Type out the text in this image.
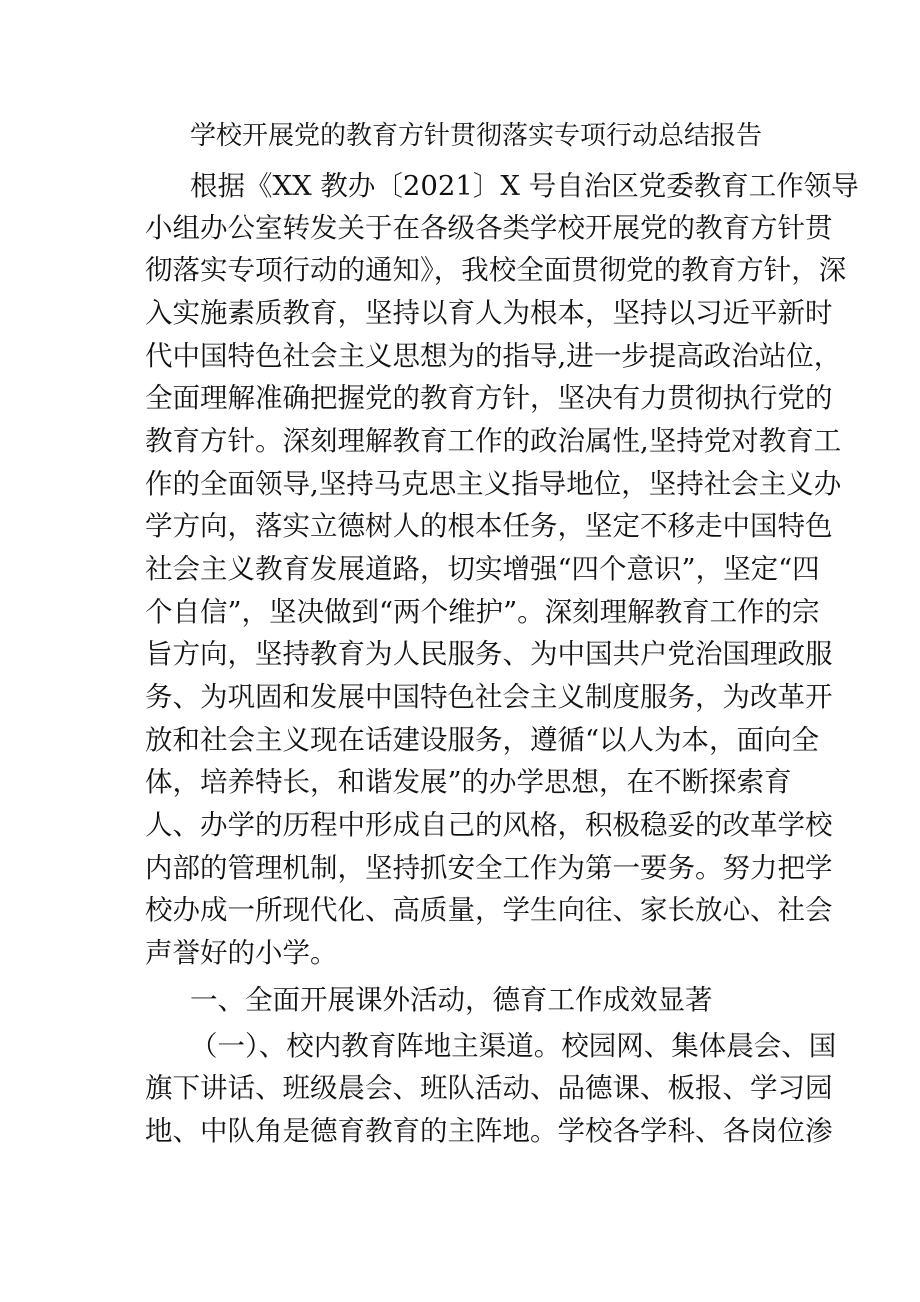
学校开展党的教育方针贯彻落实专项行动总结报告
根据《XX 教办〔2021〕X 号自治区党委教育工作领导
小组办公室转发关于在各级各类学校开展党的教育方针贯
彻落实专项行动的通知》，我校全面贯彻党的教育方针，深
入实施素质教育，坚持以育人为根本，坚持以习近平新时
代中国特色社会主义思想为的指导,进一步提高政治站位，
全面理解准确把握党的教育方针，坚决有力贯彻执行党的
教育方针。深刻理解教育工作的政治属性,坚持党对教育工
作的全面领导,坚持马克思主义指导地位，坚持社会主义办
学方向，落实立德树人的根本任务，坚定不移走中国特色
社会主义教育发展道路，切实增强“四个意识”，坚定“四
个自信”，坚决做到“两个维护”。深刻理解教育工作的宗
旨方向，坚持教育为人民服务、为中国共户党治国理政服
务、为巩固和发展中国特色社会主义制度服务，为改革开
放和社会主义现在话建设服务，遵循“以人为本，面向全
体，培养特长，和谐发展”的办学思想，在不断探索育
人、办学的历程中形成自己的风格，积极稳妥的改革学校
内部的管理机制，坚持抓安全工作为第一要务。努力把学
校办成一所现代化、高质量，学生向往、家长放心、社会
声誉好的小学。
一、全面开展课外活动，德育工作成效显著
（一）、校内教育阵地主渠道。校园网、集体晨会、国
旗下讲话、班级晨会、班队活动、品德课、板报、学习园
地、中队角是德育教育的主阵地。学校各学科、各岗位渗
